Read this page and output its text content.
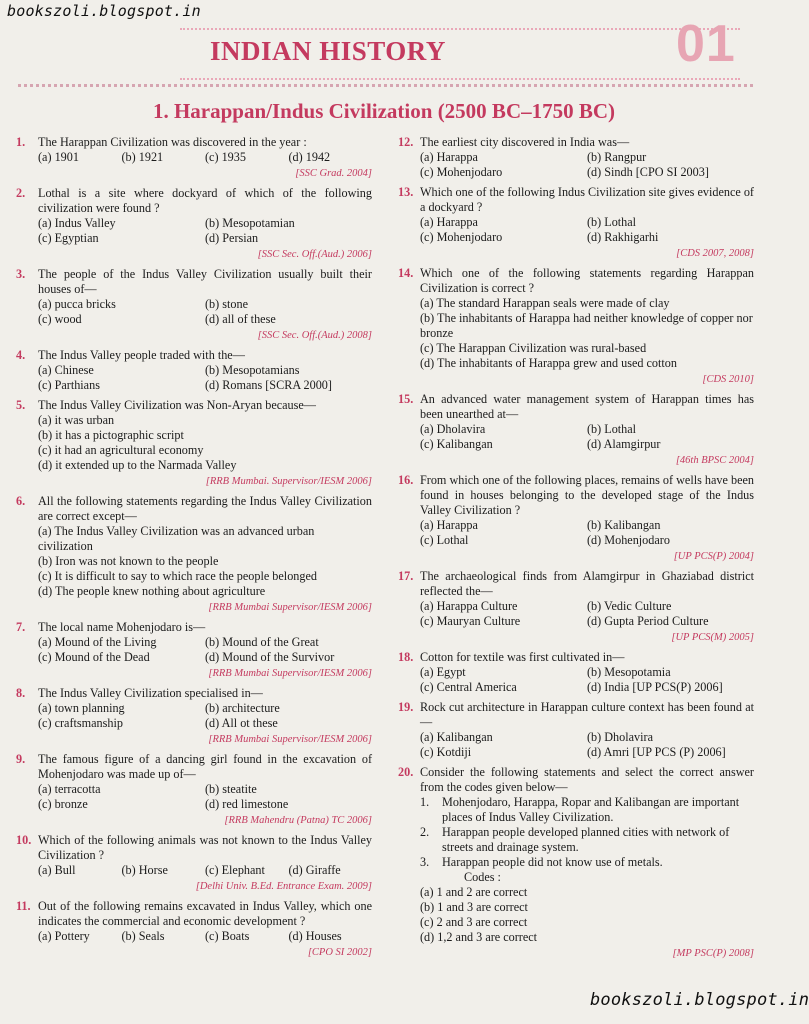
bookszoli.blogspot.in
INDIAN HISTORY	01
1. Harappan/Indus Civilization (2500 BC–1750 BC)
1.	The Harappan Civilization was discovered in the year :
(a) 1901	(b) 1921	(c) 1935	(d) 1942
[SSC Grad. 2004]
2.	Lothal is a site where dockyard of which of the following civilization were found ?
(a) Indus Valley	(b) Mesopotamian
(c) Egyptian	(d) Persian
[SSC Sec. Off.(Aud.) 2006]
3.	The people of the Indus Valley Civilization usually built their houses of—
(a) pucca bricks	(b) stone
(c) wood	(d) all of these
[SSC Sec. Off.(Aud.) 2008]
4.	The Indus Valley people traded with the—
(a) Chinese	(b) Mesopotamians
(c) Parthians	(d) Romans [SCRA 2000]
5.	The Indus Valley Civilization was Non-Aryan because—
(a) it was urban
(b) it has a pictographic script
(c) it had an agricultural economy
(d) it extended up to the Narmada Valley
[RRB Mumbai. Supervisor/IESM 2006]
6.	All the following statements regarding the Indus Valley Civilization are correct except—
(a) The Indus Valley Civilization was an advanced urban civilization
(b) Iron was not known to the people
(c) It is difficult to say to which race the people belonged
(d) The people knew nothing about agriculture
[RRB Mumbai Supervisor/IESM 2006]
7.	The local name Mohenjodaro is—
(a) Mound of the Living	(b) Mound of the Great
(c) Mound of the Dead	(d) Mound of the Survivor
[RRB Mumbai Supervisor/IESM 2006]
8.	The Indus Valley Civilization specialised in—
(a) town planning	(b) architecture
(c) craftsmanship	(d) All ot these
[RRB Mumbai Supervisor/IESM 2006]
9.	The famous figure of a dancing girl found in the excavation of Mohenjodaro was made up of—
(a) terracotta	(b) steatite
(c) bronze	(d) red limestone
[RRB Mahendru (Patna) TC 2006]
10. Which of the following animals was not known to the Indus Valley Civilization ?
(a) Bull	(b) Horse	(c) Elephant	(d) Giraffe
[Delhi Univ. B.Ed. Entrance Exam. 2009]
11. Out of the following remains excavated in Indus Valley, which one indicates the commercial and economic development ?
(a) Pottery	(b) Seals	(c) Boats	(d) Houses
[CPO SI 2002]
12. The earliest city discovered in India was—
(a) Harappa	(b) Rangpur
(c) Mohenjodaro	(d) Sindh [CPO SI 2003]
13. Which one of the following Indus Civilization site gives evidence of a dockyard ?
(a) Harappa	(b) Lothal
(c) Mohenjodaro	(d) Rakhigarhi
[CDS 2007, 2008]
14. Which one of the following statements regarding Harappan Civilization is correct ?
(a) The standard Harappan seals were made of clay
(b) The inhabitants of Harappa had neither knowledge of copper nor bronze
(c) The Harappan Civilization was rural-based
(d) The inhabitants of Harappa grew and used cotton
[CDS 2010]
15. An advanced water management system of Harappan times has been unearthed at—
(a) Dholavira	(b) Lothal
(c) Kalibangan	(d) Alamgirpur
[46th BPSC 2004]
16. From which one of the following places, remains of wells have been found in houses belonging to the developed stage of the Indus Valley Civilization ?
(a) Harappa	(b) Kalibangan
(c) Lothal	(d) Mohenjodaro
[UP PCS(P) 2004]
17. The archaeological finds from Alamgirpur in Ghaziabad district reflected the—
(a) Harappa Culture	(b) Vedic Culture
(c) Mauryan Culture	(d) Gupta Period Culture
[UP PCS(M) 2005]
18. Cotton for textile was first cultivated in—
(a) Egypt	(b) Mesopotamia
(c) Central America	(d) India [UP PCS(P) 2006]
19. Rock cut architecture in Harappan culture context has been found at—
(a) Kalibangan	(b) Dholavira
(c) Kotdiji	(d) Amri [UP PCS (P) 2006]
20. Consider the following statements and select the correct answer from the codes given below—
1.	Mohenjodaro, Harappa, Ropar and Kalibangan are important places of Indus Valley Civilization.
2.	Harappan people developed planned cities with network of streets and drainage system.
3.	Harappan people did not know use of metals.
Codes :
(a) 1 and 2 are correct
(b) 1 and 3 are correct
(c) 2 and 3 are correct
(d) 1,2 and 3 are correct
[MP PSC(P) 2008]
bookszoli.blogspot.in
